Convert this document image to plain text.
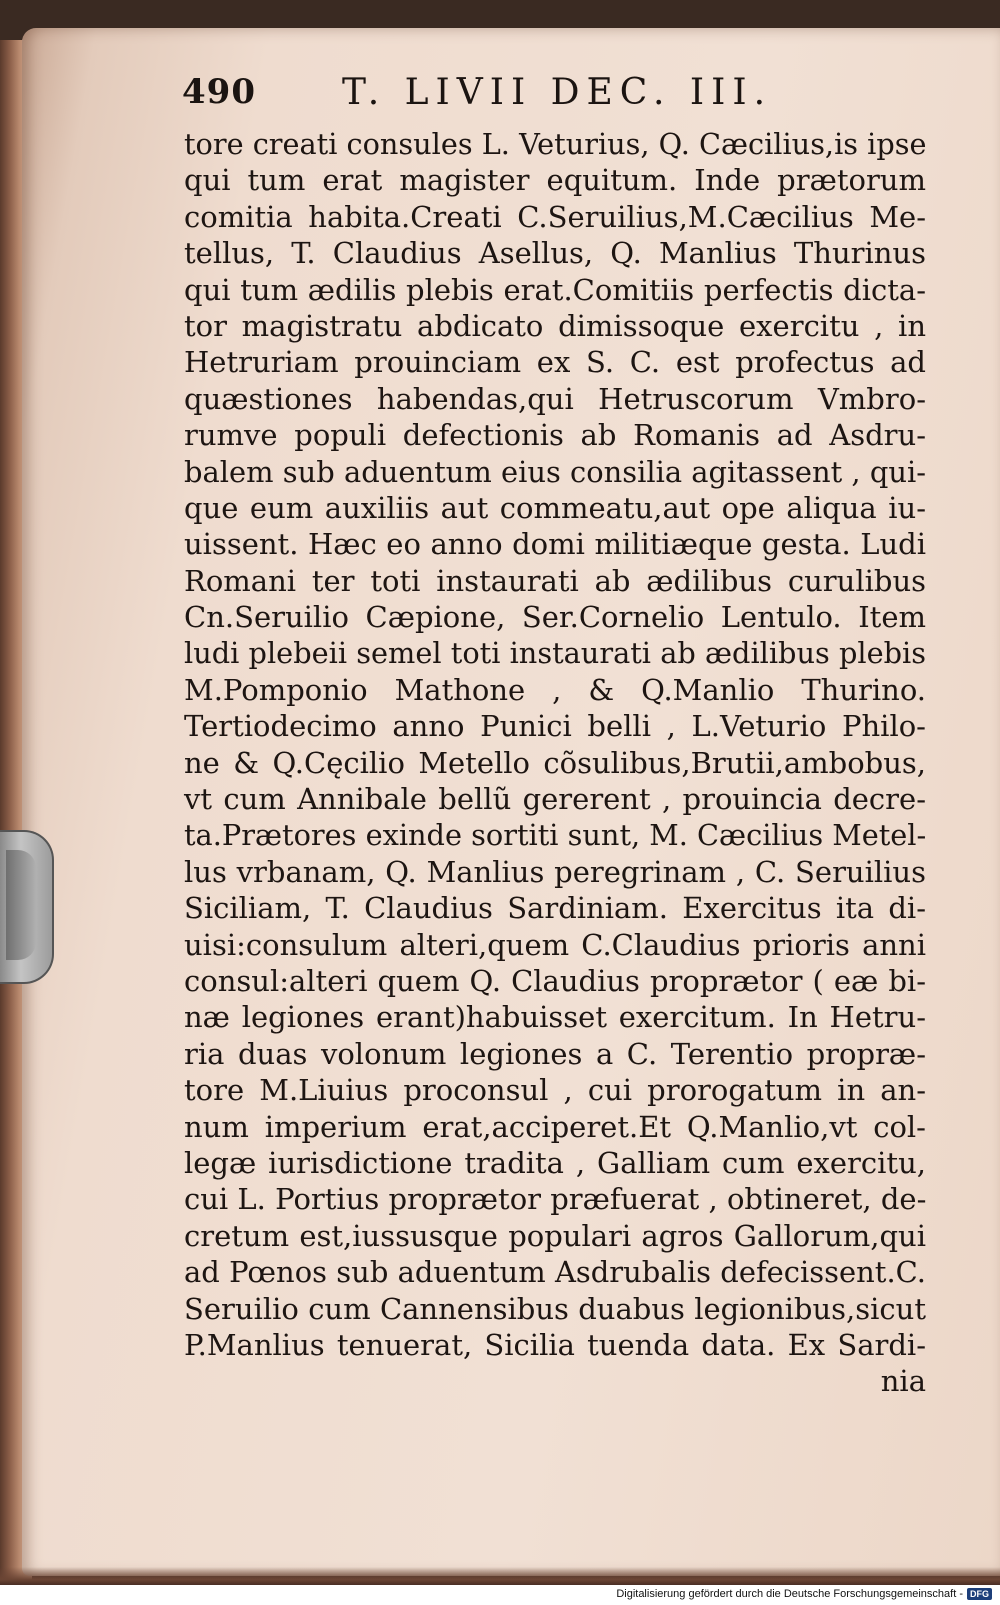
490 T. LIVII DEC. III.
tore creati consules L. Veturius, Q. Cæcilius,is ipse
qui tum erat magister equitum. Inde prætorum
comitia habita.Creati C.Seruilius,M.Cæcilius Me-
tellus, T. Claudius Asellus, Q. Manlius Thurinus
qui tum ædilis plebis erat.Comitiis perfectis dicta-
tor magistratu abdicato dimissoque exercitu , in
Hetruriam prouinciam ex S. C. est profectus ad
quæstiones habendas,qui Hetruscorum Vmbro-
rumve populi defectionis ab Romanis ad Asdru-
balem sub aduentum eius consilia agitassent , qui-
que eum auxiliis aut commeatu,aut ope aliqua iu-
uissent. Hæc eo anno domi militiæque gesta. Ludi
Romani ter toti instaurati ab ædilibus curulibus
Cn.Seruilio Cæpione, Ser.Cornelio Lentulo. Item
ludi plebeii semel toti instaurati ab ædilibus plebis
M.Pomponio Mathone , & Q.Manlio Thurino.
Tertiodecimo anno Punici belli , L.Veturio Philo-
ne & Q.Cęcilio Metello cõsulibus,Brutii,ambobus,
vt cum Annibale bellũ gererent , prouincia decre-
ta.Prætores exinde sortiti sunt, M. Cæcilius Metel-
lus vrbanam, Q. Manlius peregrinam , C. Seruilius
Siciliam, T. Claudius Sardiniam. Exercitus ita di-
uisi:consulum alteri,quem C.Claudius prioris anni
consul:alteri quem Q. Claudius proprætor ( eæ bi-
næ legiones erant)habuisset exercitum. In Hetru-
ria duas volonum legiones a C. Terentio propræ-
tore M.Liuius proconsul , cui prorogatum in an-
num imperium erat,acciperet.Et Q.Manlio,vt col-
legæ iurisdictione tradita , Galliam cum exercitu,
cui L. Portius proprætor præfuerat , obtineret, de-
cretum est,iussusque populari agros Gallorum,qui
ad Pœnos sub aduentum Asdrubalis defecissent.C.
Seruilio cum Cannensibus duabus legionibus,sicut
P.Manlius tenuerat, Sicilia tuenda data. Ex Sardi-
nia
Digitalisierung gefördert durch die Deutsche Forschungsgemeinschaft - DFG
